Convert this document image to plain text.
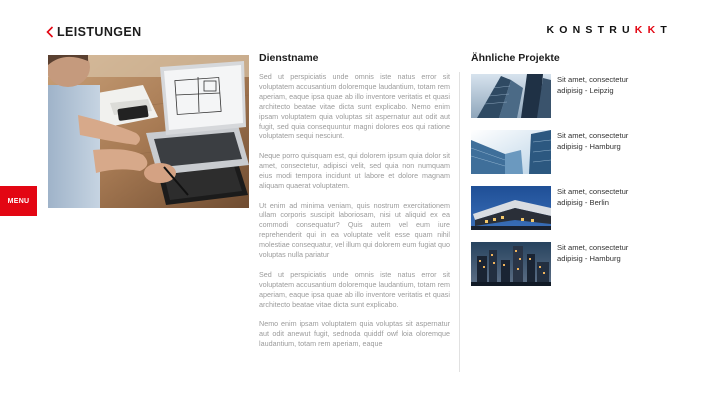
LEISTUNGEN	KONSTRUKKT
MENU
Dienstname

Sed ut perspiciatis unde omnis iste natus error sit voluptatem accusantium doloremque laudantium, totam rem aperiam, eaque ipsa quae ab illo inventore veritatis et quasi architecto beatae vitae dicta sunt explicabo. Nemo enim ipsam voluptatem quia voluptas sit aspernatur aut odit aut fugit, sed quia consequuntur magni dolores eos qui ratione voluptatem sequi nesciunt.

Neque porro quisquam est, qui dolorem ipsum quia dolor sit amet, consectetur, adipisci velit, sed quia non numquam eius modi tempora incidunt ut labore et dolore magnam aliquam quaerat voluptatem.

Ut enim ad minima veniam, quis nostrum exercitationem ullam corporis suscipit laboriosam, nisi ut aliquid ex ea commodi consequatur? Quis autem vel eum iure reprehenderit qui in ea voluptate velit esse quam nihil molestiae consequatur, vel illum qui dolorem eum fugiat quo voluptas nulla pariatur

Sed ut perspiciatis unde omnis iste natus error sit voluptatem accusantium doloremque laudantium, totam rem aperiam, eaque ipsa quae ab illo inventore veritatis et quasi architecto beatae vitae dicta sunt explicabo.

Nemo enim ipsam voluptatem quia voluptas sit aspernatur aut odit anewut fugit, sednoda quiddf owf loia oloremque laudantium, totam rem aperiam, eaque

Ähnliche Projekte
Sit amet, consectetur
adipisig - Leipzig
Sit amet, consectetur
adipisig - Hamburg
Sit amet, consectetur
adipisig - Berlin
Sit amet, consectetur
adipisig - Hamburg
